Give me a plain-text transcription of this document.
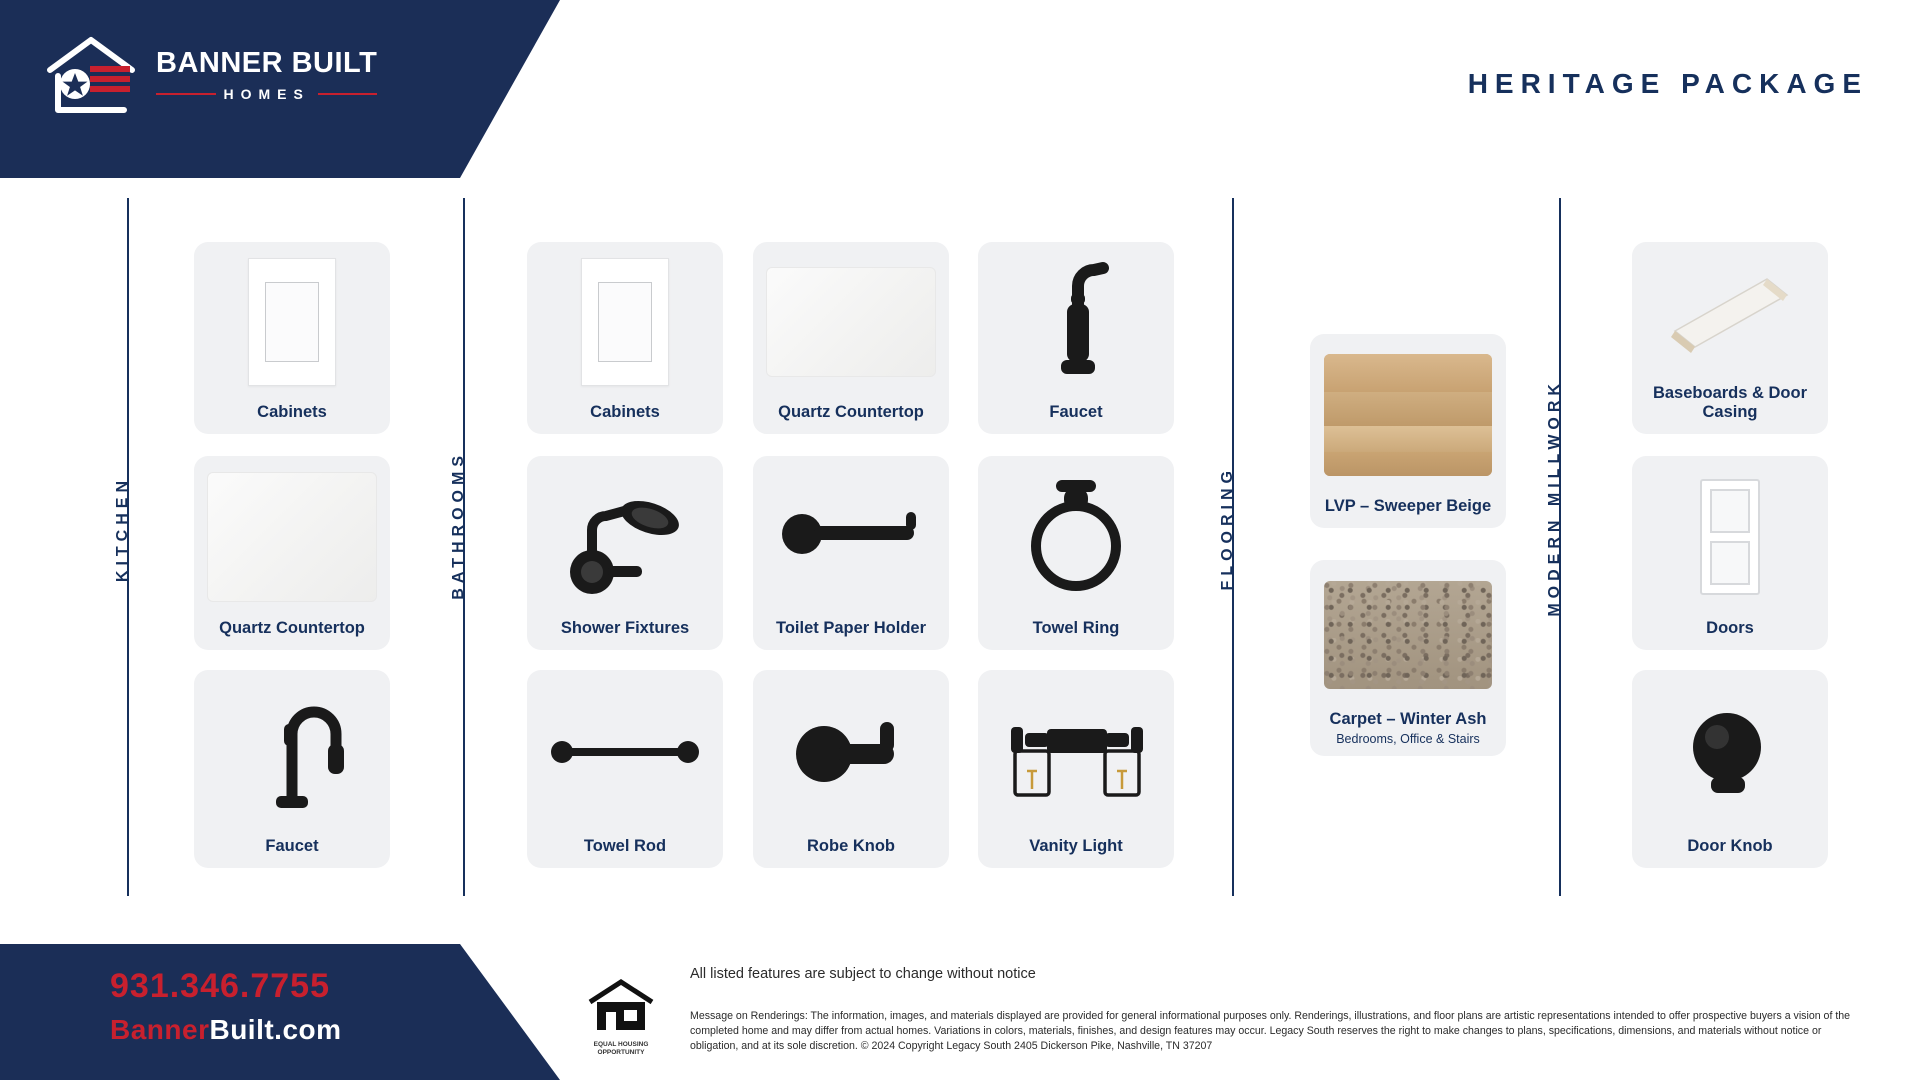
BANNER BUILT
HOMES	HERITAGE PACKAGE
KITCHEN	BATHROOMS	FLOORING	MODERN MILLWORK
Cabinets
Quartz Countertop
Faucet
Cabinets
Shower Fixtures
Towel Rod
Quartz Countertop
Toilet Paper Holder
Robe Knob
Faucet
Towel Ring
Vanity Light
LVP – Sweeper Beige
Carpet – Winter Ash
Bedrooms, Office & Stairs
Baseboards & Door Casing
Doors
Door Knob
931.346.7755
BannerBuilt.com	EQUAL HOUSING
OPPORTUNITY
All listed features are subject to change without notice
Message on Renderings: The information, images, and materials displayed are provided for general informational purposes only. Renderings, illustrations, and floor plans are artistic representations intended to offer prospective buyers a vision of the completed home and may differ from actual homes. Variations in colors, materials, finishes, and design features may occur. Legacy South reserves the right to make changes to plans, specifications, dimensions, and materials without notice or obligation, and at its sole discretion. © 2024 Copyright Legacy South 2405 Dickerson Pike, Nashville, TN 37207
